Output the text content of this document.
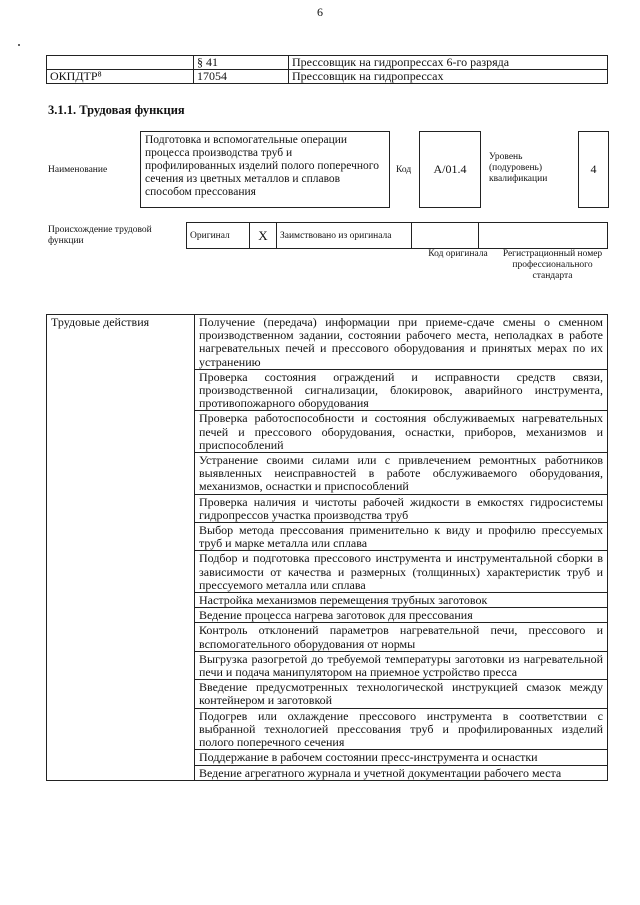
6
	§ 41	Прессовщик на гидропрессах 6-го разряда
ОКПДТР⁸	17054	Прессовщик на гидропрессах
3.1.1. Трудовая функция
Наименование
Подготовка и вспомогательные операции процесса производства труб и профилированных изделий полого поперечного сечения из цветных металлов и сплавов способом прессования
Код	А/01.4
Уровень (подуровень) квалификации
4
Происхождение трудовой функции
Оригинал	X	Заимствовано из оригинала		
Код оригинала	Регистрационный номер профессионального стандарта
Трудовые действия	Получение (передача) информации при приеме-сдаче смены о сменном производственном задании, состоянии рабочего места, неполадках в работе нагревательных печей и прессового оборудования и принятых мерах по их устранению
Проверка состояния ограждений и исправности средств связи, производственной сигнализации, блокировок, аварийного инструмента, противопожарного оборудования
Проверка работоспособности и состояния обслуживаемых нагревательных печей и прессового оборудования, оснастки, приборов, механизмов и приспособлений
Устранение своими силами или с привлечением ремонтных работников выявленных неисправностей в работе обслуживаемого оборудования, механизмов, оснастки и приспособлений
Проверка наличия и чистоты рабочей жидкости в емкостях гидросистемы гидропрессов участка производства труб
Выбор метода прессования применительно к виду и профилю прессуемых труб и марке металла или сплава
Подбор и подготовка прессового инструмента и инструментальной сборки в зависимости от качества и размерных (толщинных) характеристик труб и прессуемого металла или сплава
Настройка механизмов перемещения трубных заготовок
Ведение процесса нагрева заготовок для прессования
Контроль отклонений параметров нагревательной печи, прессового и вспомогательного оборудования от нормы
Выгрузка разогретой до требуемой температуры заготовки из нагревательной печи и подача манипулятором на приемное устройство пресса
Введение предусмотренных технологической инструкцией смазок между контейнером и заготовкой
Подогрев или охлаждение прессового инструмента в соответствии с выбранной технологией прессования труб и профилированных изделий полого поперечного сечения
Поддержание в рабочем состоянии пресс-инструмента и оснастки
Ведение агрегатного журнала и учетной документации рабочего места
